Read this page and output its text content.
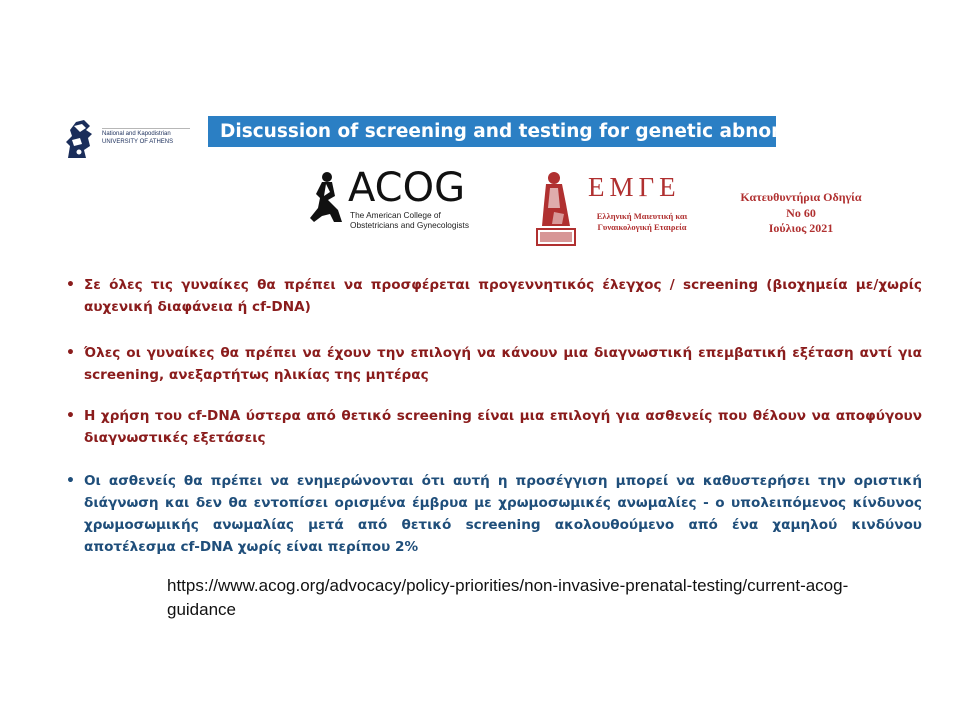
National and Kapodistrian
UNIVERSITY OF ATHENS	Discussion of screening and testing for genetic abnormalities
ACOG
The American College of
Obstetricians and Gynecologists
ΕΜΓΕ
Ελληνική Μαιευτική και
Γυναικολογική Εταιρεία
Κατευθυντήρια Οδηγία
Νο 60
Ιούλιος 2021
• Σε όλες τις γυναίκες θα πρέπει να προσφέρεται προγεννητικός έλεγχος / screening (βιοχημεία με/χωρίς αυχενική διαφάνεια ή cf-DNA)
• Όλες οι γυναίκες θα πρέπει να έχουν την επιλογή να κάνουν μια διαγνωστική επεμβατική εξέταση αντί για screening, ανεξαρτήτως ηλικίας της μητέρας
• Η χρήση του cf-DNA ύστερα από θετικό screening είναι μια επιλογή για ασθενείς που θέλουν να αποφύγουν διαγνωστικές εξετάσεις
• Οι ασθενείς θα πρέπει να ενημερώνονται ότι αυτή η προσέγγιση μπορεί να καθυστερήσει την οριστική διάγνωση και δεν θα εντοπίσει ορισμένα έμβρυα με χρωμοσωμικές ανωμαλίες - ο υπολειπόμενος κίνδυνος χρωμοσωμικής ανωμαλίας μετά από θετικό screening ακολουθούμενο από ένα χαμηλού κινδύνου αποτέλεσμα cf-DNA χωρίς είναι περίπου 2%
https://www.acog.org/advocacy/policy-priorities/non-invasive-prenatal-testing/current-acog-guidance
